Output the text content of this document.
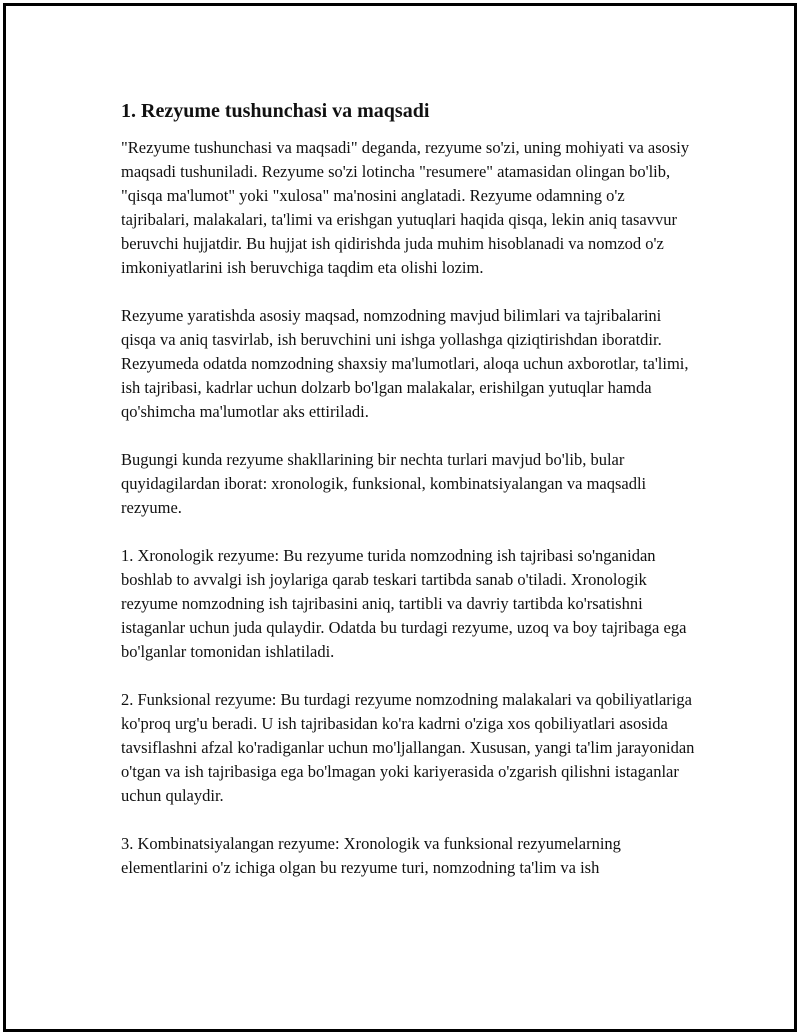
1. Rezyume tushunchasi va maqsadi

"Rezyume tushunchasi va maqsadi" deganda, rezyume so'zi, uning mohiyati va asosiy maqsadi tushuniladi. Rezyume so'zi lotincha "resumere" atamasidan olingan bo'lib, "qisqa ma'lumot" yoki "xulosa" ma'nosini anglatadi. Rezyume odamning o'z tajribalari, malakalari, ta'limi va erishgan yutuqlari haqida qisqa, lekin aniq tasavvur beruvchi hujjatdir. Bu hujjat ish qidirishda juda muhim hisoblanadi va nomzod o'z imkoniyatlarini ish beruvchiga taqdim eta olishi lozim.

Rezyume yaratishda asosiy maqsad, nomzodning mavjud bilimlari va tajribalarini qisqa va aniq tasvirlab, ish beruvchini uni ishga yollashga qiziqtirishdan iboratdir. Rezyumeda odatda nomzodning shaxsiy ma'lumotlari, aloqa uchun axborotlar, ta'limi, ish tajribasi, kadrlar uchun dolzarb bo'lgan malakalar, erishilgan yutuqlar hamda qo'shimcha ma'lumotlar aks ettiriladi.

Bugungi kunda rezyume shakllarining bir nechta turlari mavjud bo'lib, bular quyidagilardan iborat: xronologik, funksional, kombinatsiyalangan va maqsadli rezyume.

1. Xronologik rezyume: Bu rezyume turida nomzodning ish tajribasi so'nganidan boshlab to avvalgi ish joylariga qarab teskari tartibda sanab o'tiladi. Xronologik rezyume nomzodning ish tajribasini aniq, tartibli va davriy tartibda ko'rsatishni istaganlar uchun juda qulaydir. Odatda bu turdagi rezyume, uzoq va boy tajribaga ega bo'lganlar tomonidan ishlatiladi.

2. Funksional rezyume: Bu turdagi rezyume nomzodning malakalari va qobiliyatlariga ko'proq urg'u beradi. U ish tajribasidan ko'ra kadrni o'ziga xos qobiliyatlari asosida tavsiflashni afzal ko'radiganlar uchun mo'ljallangan. Xususan, yangi ta'lim jarayonidan o'tgan va ish tajribasiga ega bo'lmagan yoki kariyerasida o'zgarish qilishni istaganlar uchun qulaydir.

3. Kombinatsiyalangan rezyume: Xronologik va funksional rezyumelarning elementlarini o'z ichiga olgan bu rezyume turi, nomzodning ta'lim va ish
